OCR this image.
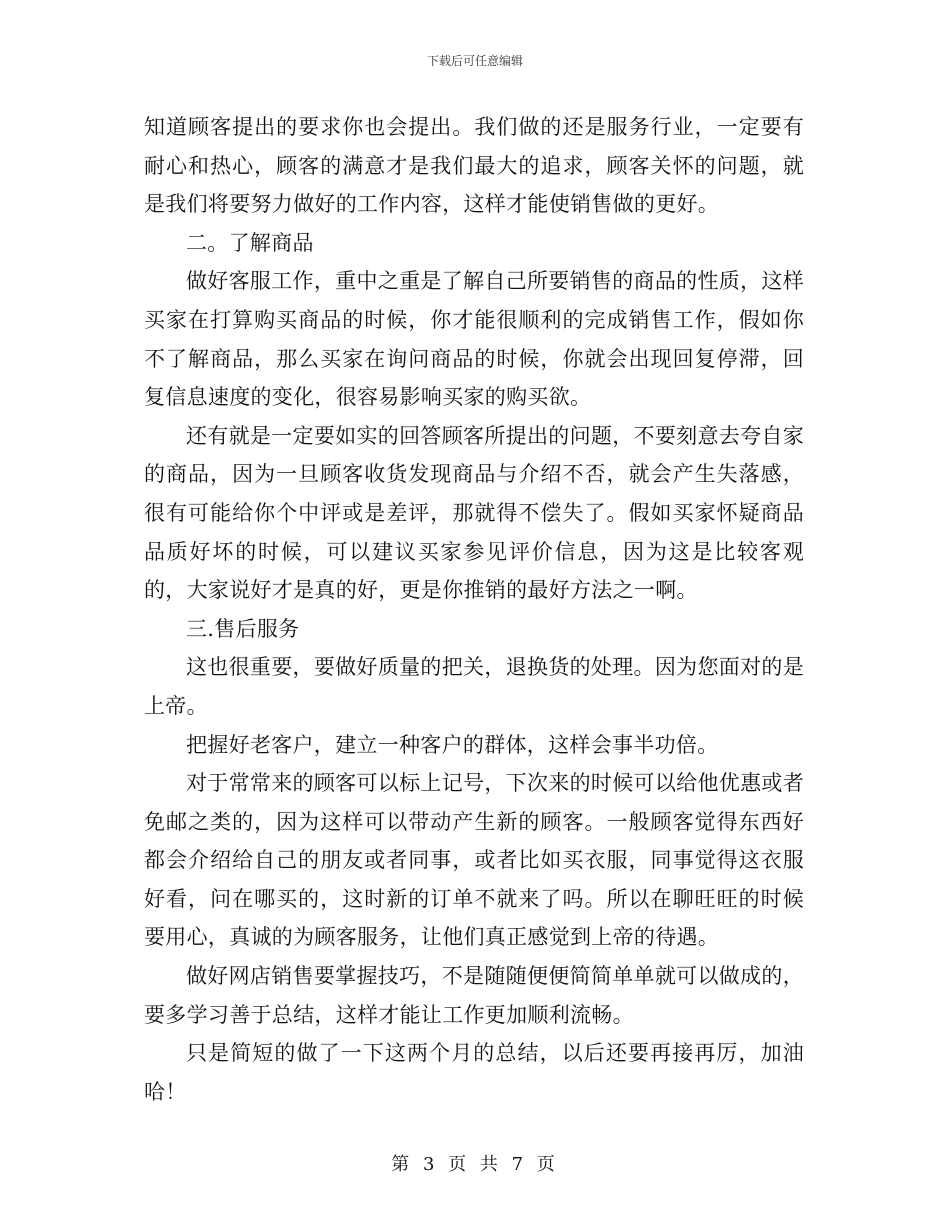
下载后可任意编辑

知道顾客提出的要求你也会提出。我们做的还是服务行业，一定要有耐心和热心，顾客的满意才是我们最大的追求，顾客关怀的问题，就是我们将要努力做好的工作内容，这样才能使销售做的更好。

二。了解商品

做好客服工作，重中之重是了解自己所要销售的商品的性质，这样买家在打算购买商品的时候，你才能很顺利的完成销售工作，假如你不了解商品，那么买家在询问商品的时候，你就会出现回复停滞，回复信息速度的变化，很容易影响买家的购买欲。

还有就是一定要如实的回答顾客所提出的问题，不要刻意去夸自家的商品，因为一旦顾客收货发现商品与介绍不否，就会产生失落感，很有可能给你个中评或是差评，那就得不偿失了。假如买家怀疑商品品质好坏的时候，可以建议买家参见评价信息，因为这是比较客观的，大家说好才是真的好，更是你推销的最好方法之一啊。

三.售后服务

这也很重要，要做好质量的把关，退换货的处理。因为您面对的是上帝。

把握好老客户，建立一种客户的群体，这样会事半功倍。

对于常常来的顾客可以标上记号，下次来的时候可以给他优惠或者免邮之类的，因为这样可以带动产生新的顾客。一般顾客觉得东西好都会介绍给自己的朋友或者同事，或者比如买衣服，同事觉得这衣服好看，问在哪买的，这时新的订单不就来了吗。所以在聊旺旺的时候要用心，真诚的为顾客服务，让他们真正感觉到上帝的待遇。

做好网店销售要掌握技巧，不是随随便便简简单单就可以做成的，要多学习善于总结，这样才能让工作更加顺利流畅。

只是简短的做了一下这两个月的总结，以后还要再接再厉，加油哈！

第 3 页 共 7 页
